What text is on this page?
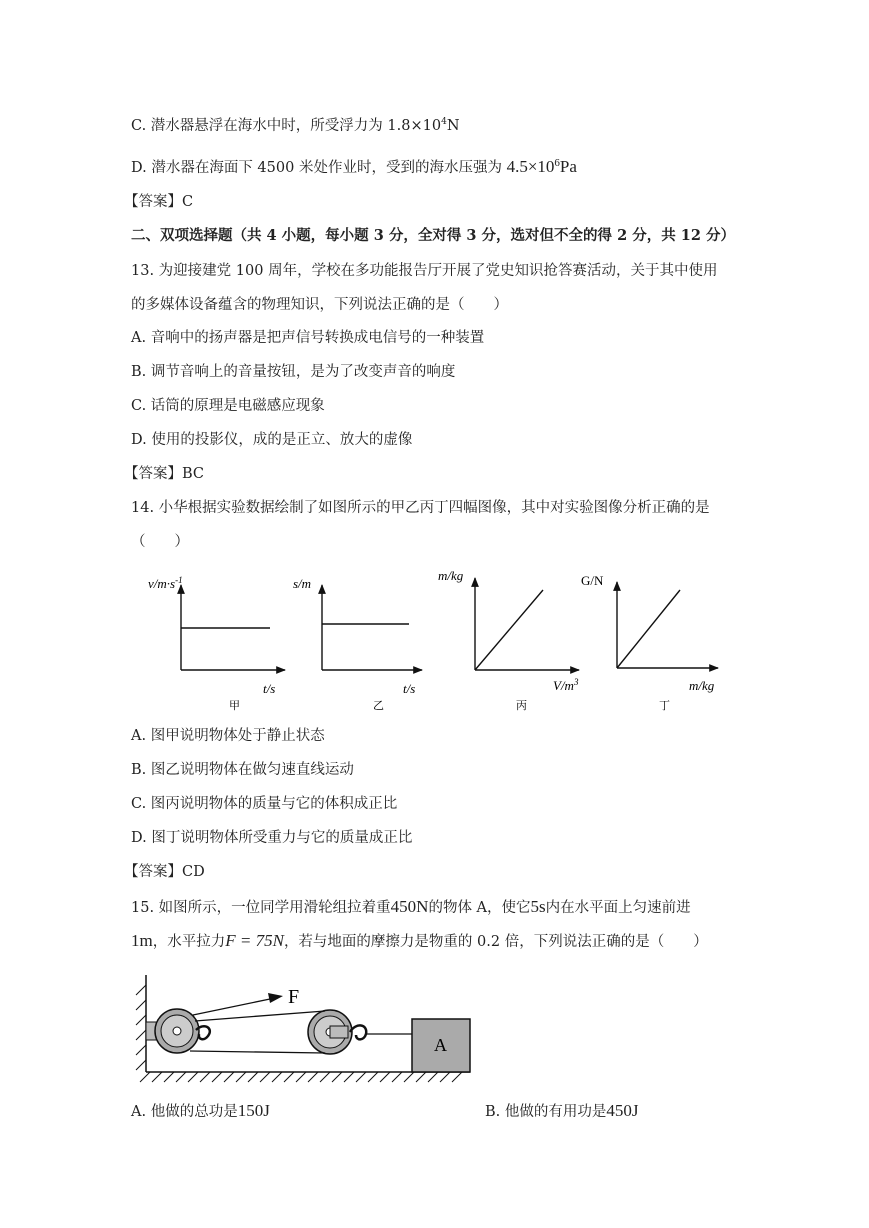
C. 潜水器悬浮在海水中时，所受浮力为 $1.8\times 10^4N$
D. 潜水器在海面下 4500 米处作业时，受到的海水压强为 $4.5\times 10^6Pa$
【答案】C
二、双项选择题（共 4 小题，每小题 3 分，全对得 3 分，选对但不全的得 2 分，共 12 分）
13. 为迎接建党 100 周年，学校在多功能报告厅开展了党史知识抢答赛活动，关于其中使用
的多媒体设备蕴含的物理知识，下列说法正确的是（　　）
A. 音响中的扬声器是把声信号转换成电信号的一种装置
B. 调节音响上的音量按钮，是为了改变声音的响度
C. 话筒的原理是电磁感应现象
D. 使用的投影仪，成的是正立、放大的虚像
【答案】BC
14. 小华根据实验数据绘制了如图所示的甲乙丙丁四幅图像，其中对实验图像分析正确的是
（　　）
$v/m\cdot s^{-1}$
t/s
甲
s/m
t/s
乙
m/kg
$V/m^3$
丙
G/N
m/kg
丁
F
A
A. 图甲说明物体处于静止状态
B. 图乙说明物体在做匀速直线运动
C. 图丙说明物体的质量与它的体积成正比
D. 图丁说明物体所受重力与它的质量成正比
【答案】CD
15. 如图所示，一位同学用滑轮组拉着重450N的物体 A，使它5s内在水平面上匀速前进
1m，水平拉力F = 75N，若与地面的摩擦力是物重的 0.2 倍，下列说法正确的是（　　）
A. 他做的总功是150J	B. 他做的有用功是450J
